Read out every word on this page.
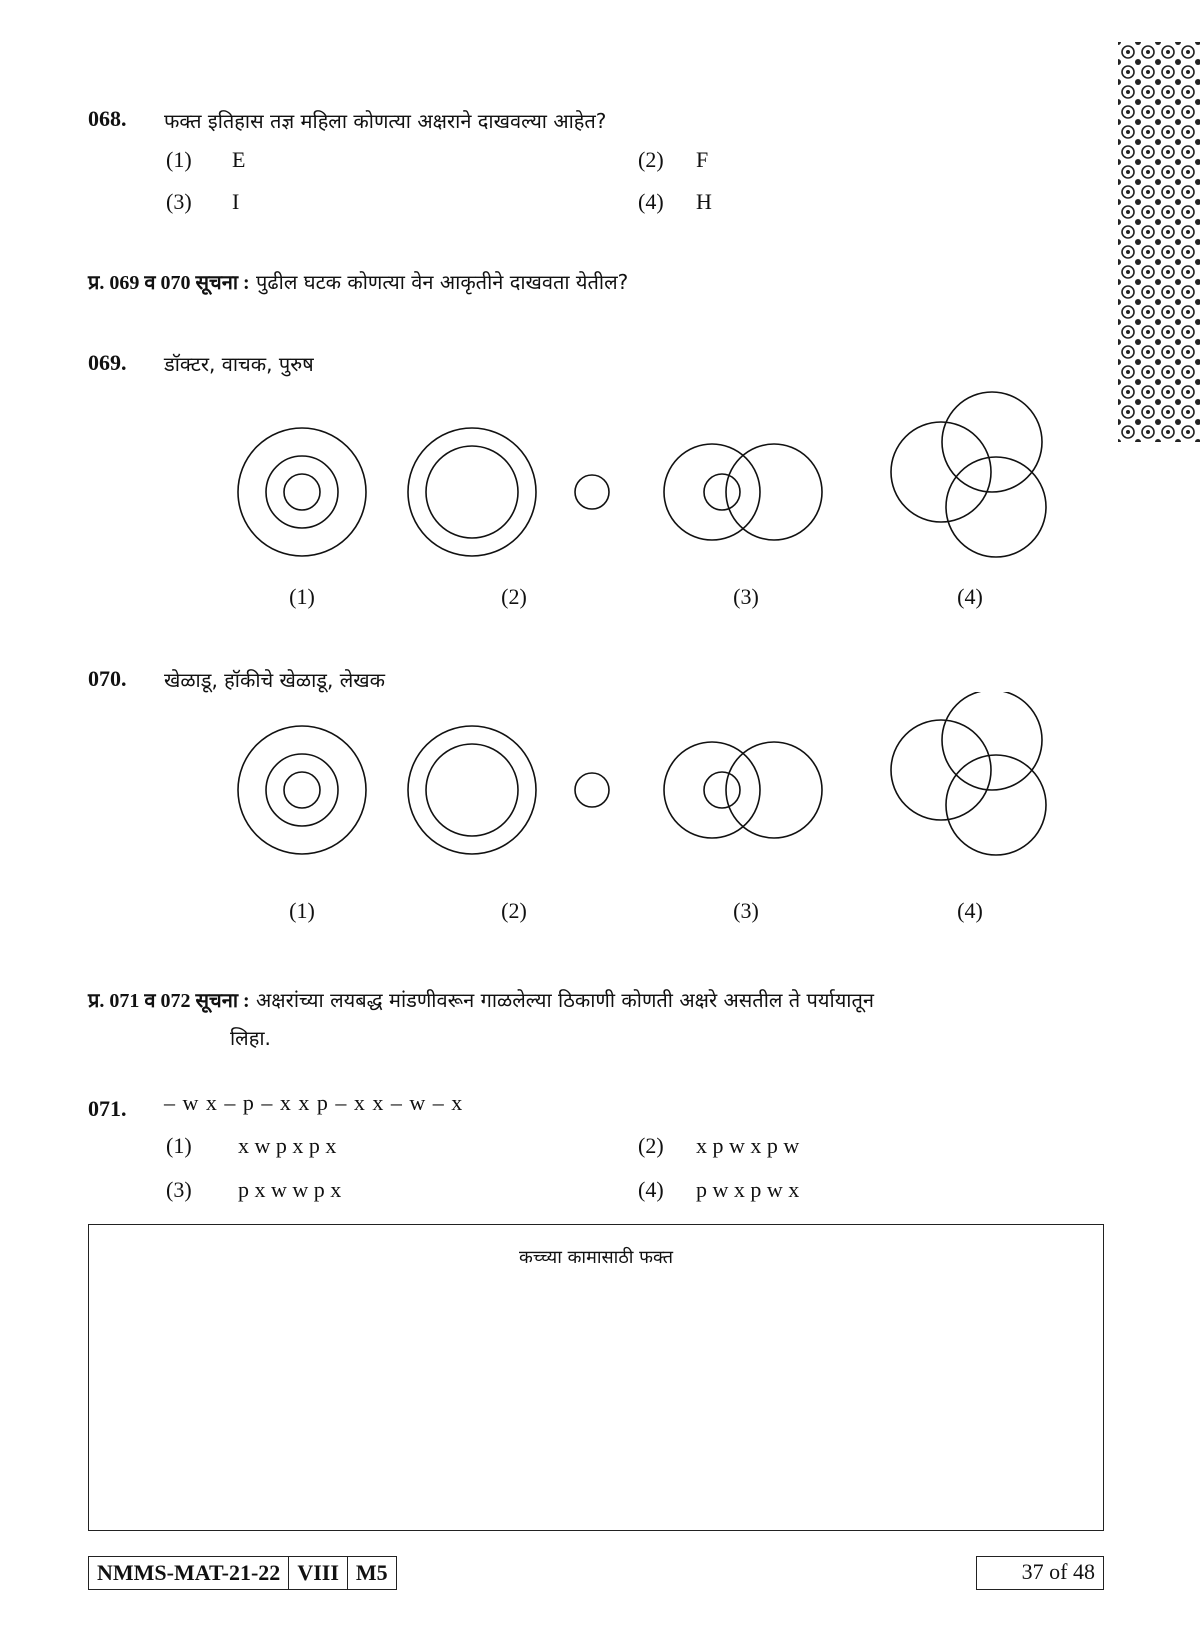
068. फक्त इतिहास तज्ञ महिला कोणत्या अक्षराने दाखवल्या आहेत?
(1) E	(2) F
(3) I	(4) H
प्र. 069 व 070 सूचना : पुढील घटक कोणत्या वेन आकृतीने दाखवता येतील?
069. डॉक्टर, वाचक, पुरुष
(1)	(2)	(3)	(4)
070. खेळाडू, हॉकीचे खेळाडू, लेखक
(1)	(2)	(3)	(4)
प्र. 071 व 072 सूचना : अक्षरांच्या लयबद्ध मांडणीवरून गाळलेल्या ठिकाणी कोणती अक्षरे असतील ते पर्यायातून
लिहा.
071. – w x – p – x x p – x x – w – x
(1) x w p x p x	(2) x p w x p w
(3) p x w w p x	(4) p w x p w x
कच्च्या कामासाठी फक्त
NMMS-MAT-21-22 VIII M5	37 of 48
